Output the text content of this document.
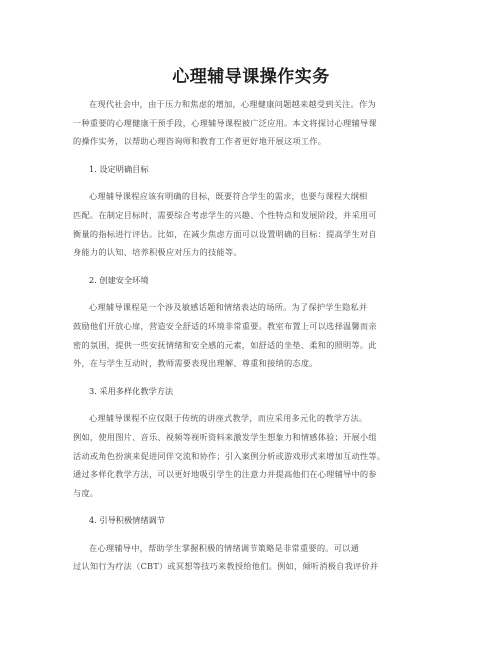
心理辅导课操作实务

在现代社会中，由于压力和焦虑的增加，心理健康问题越来越受到关注。作为
一种重要的心理健康干预手段，心理辅导课程被广泛应用。本文将探讨心理辅导课
的操作实务，以帮助心理咨询师和教育工作者更好地开展这项工作。

1. 设定明确目标

心理辅导课程应该有明确的目标，既要符合学生的需求，也要与课程大纲相
匹配。在制定目标时，需要综合考虑学生的兴趣、个性特点和发展阶段，并采用可
衡量的指标进行评估。比如，在减少焦虑方面可以设置明确的目标：提高学生对自
身能力的认知、培养积极应对压力的技能等。

2. 创建安全环境

心理辅导课程是一个涉及敏感话题和情绪表达的场所。为了保护学生隐私并
鼓励他们开放心扉，营造安全舒适的环境非常重要。教室布置上可以选择温馨而亲
密的氛围，提供一些安抚情绪和安全感的元素，如舒适的坐垫、柔和的照明等。此
外，在与学生互动时，教师需要表现出理解、尊重和接纳的态度。

3. 采用多样化教学方法

心理辅导课程不应仅限于传统的讲座式教学，而应采用多元化的教学方法。
例如，使用图片、音乐、视频等视听资料来激发学生想象力和情感体验；开展小组
活动或角色扮演来促进同伴交流和协作；引入案例分析或游戏形式来增加互动性等。
通过多样化教学方法，可以更好地吸引学生的注意力并提高他们在心理辅导中的参
与度。

4. 引导积极情绪调节

在心理辅导中，帮助学生掌握积极的情绪调节策略是非常重要的。可以通
过认知行为疗法（CBT）或冥想等技巧来教授给他们。例如，倾听消极自我评价并
